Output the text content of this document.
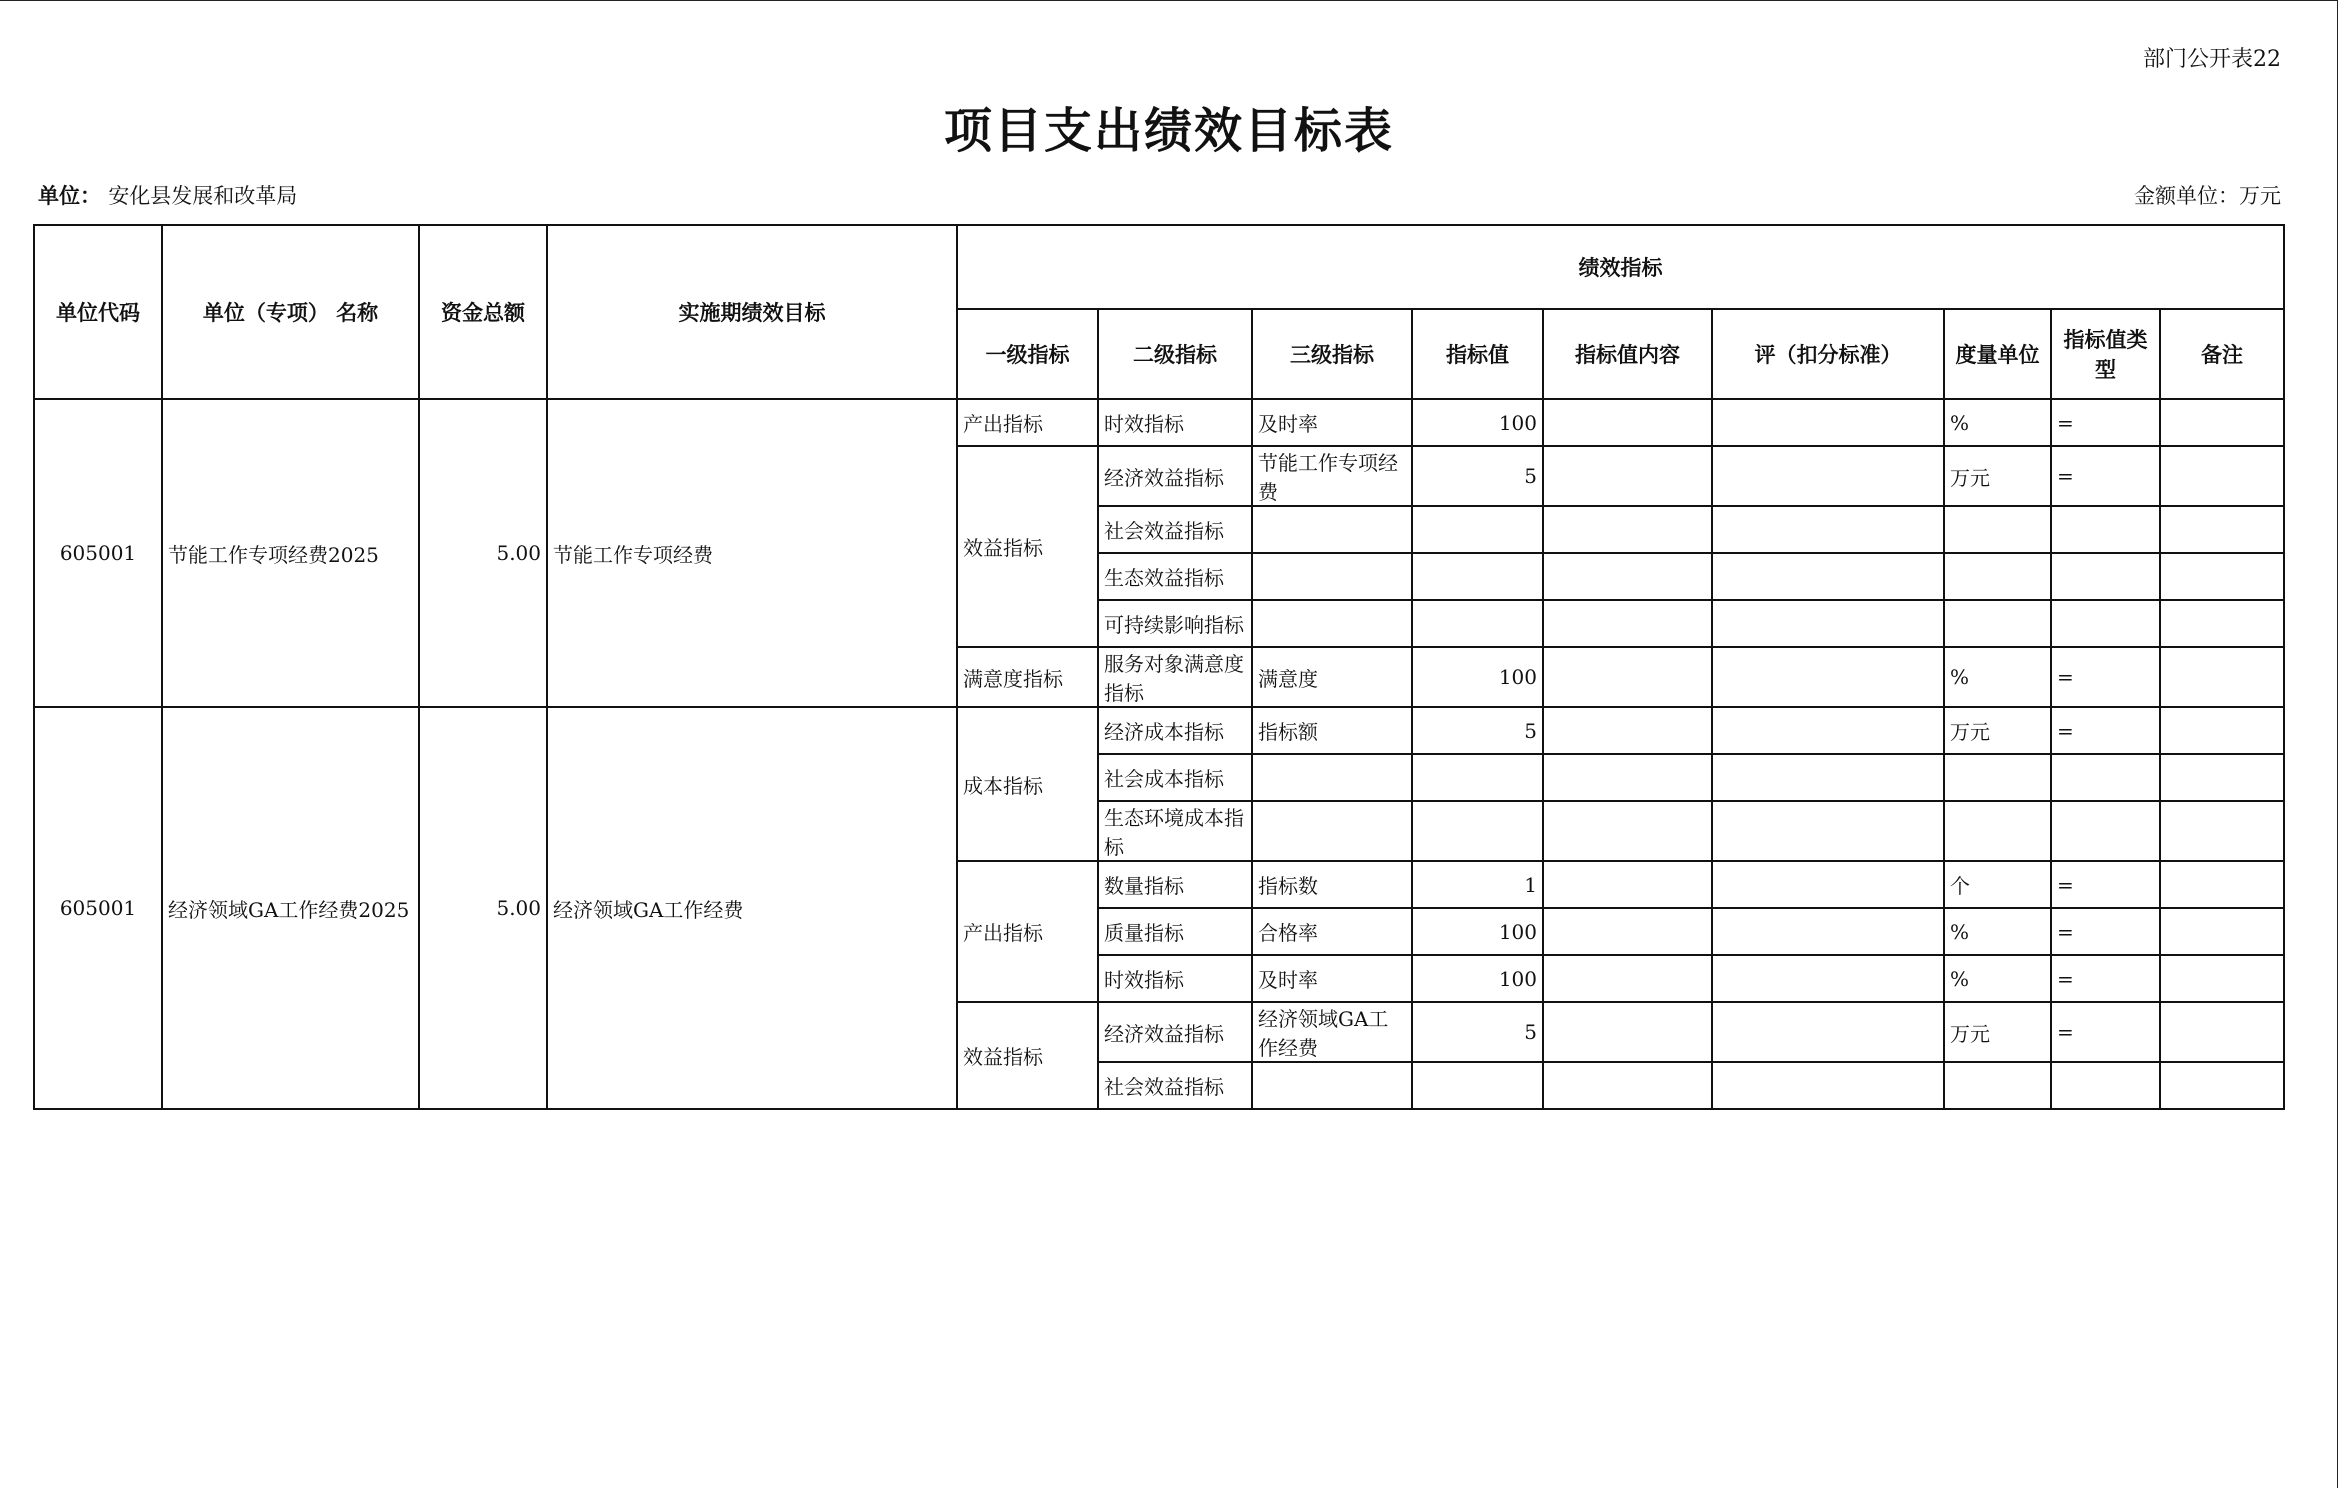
部门公开表22
项目支出绩效目标表
单位： 安化县发展和改革局	金额单位：万元
单位代码	单位（专项） 名称	资金总额	实施期绩效目标	绩效指标								
				一级指标	二级指标	三级指标	指标值	指标值内容	评（扣分标准）	度量单位	指标值类型	备注
605001	节能工作专项经费2025	5.00	节能工作专项经费	产出指标	时效指标	及时率	100			%	=	
				效益指标	经济效益指标	节能工作专项经费	5			万元	=	
					社会效益指标							
					生态效益指标							
					可持续影响指标							
				满意度指标	服务对象满意度指标	满意度	100			%	=	
605001	经济领域GA工作经费2025	5.00	经济领域GA工作经费	成本指标	经济成本指标	指标额	5			万元	=	
					社会成本指标							
					生态环境成本指标							
				产出指标	数量指标	指标数	1			个	=	
					质量指标	合格率	100			%	=	
					时效指标	及时率	100			%	=	
				效益指标	经济效益指标	经济领域GA工作经费	5			万元	=	
					社会效益指标							
